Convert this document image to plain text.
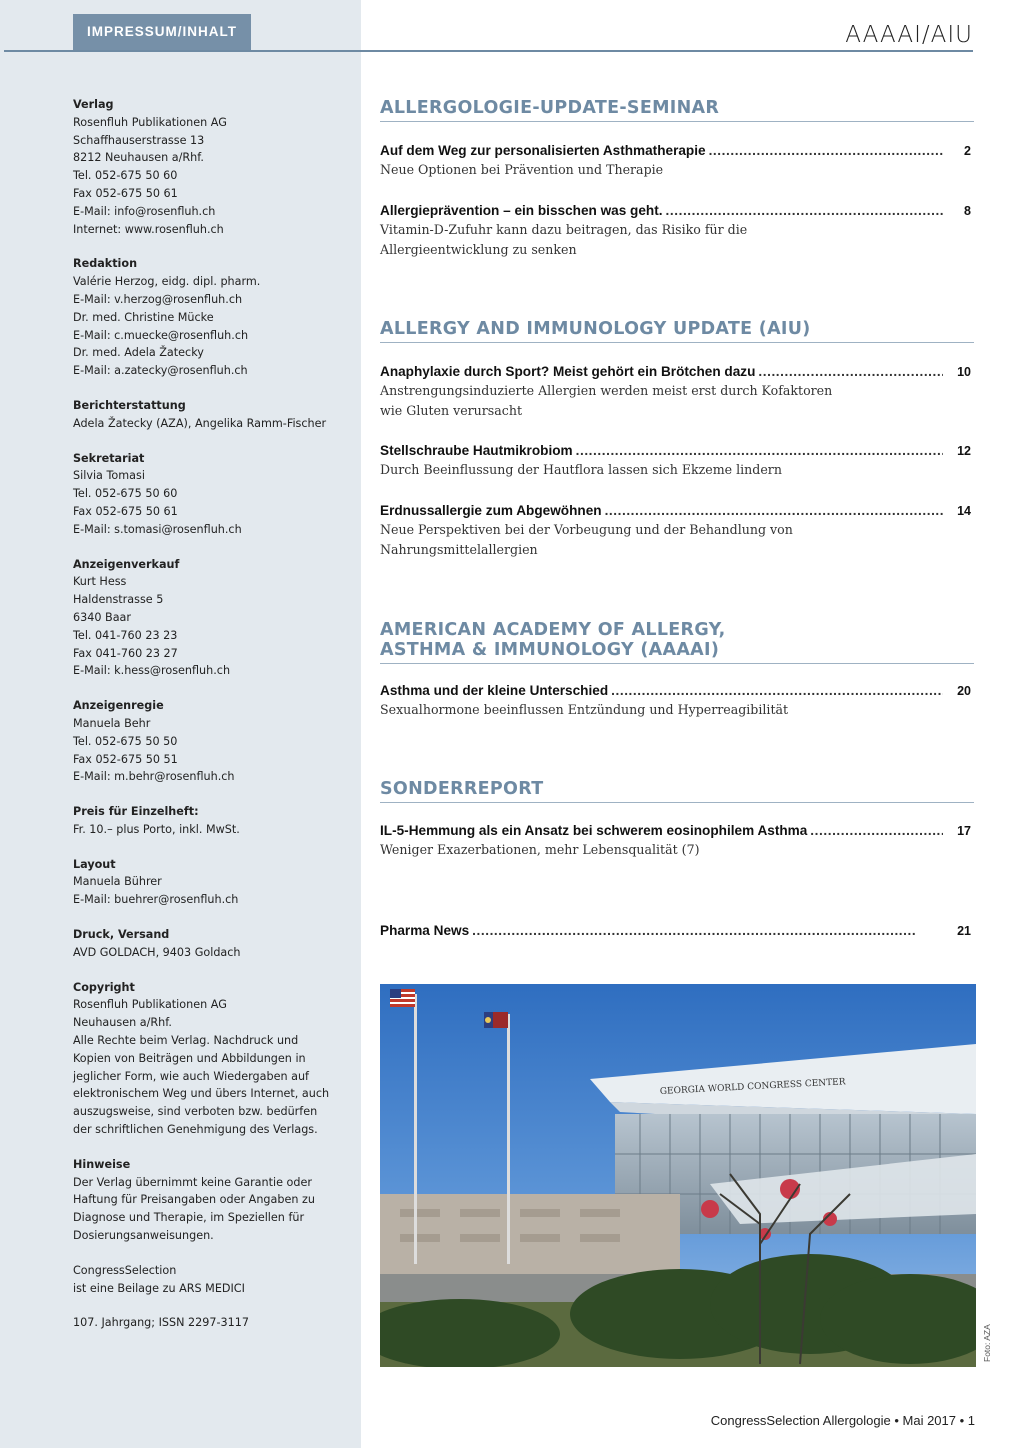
IMPRESSUM/INHALT	AAAAI/AIU
Verlag
Rosenfluh Publikationen AG
Schaffhauserstrasse 13
8212 Neuhausen a/Rhf.
Tel. 052-675 50 60
Fax 052-675 50 61
E-Mail: info@rosenfluh.ch
Internet: www.rosenfluh.ch
Redaktion
Valérie Herzog, eidg. dipl. pharm.
E-Mail: v.herzog@rosenfluh.ch
Dr. med. Christine Mücke
E-Mail: c.muecke@rosenfluh.ch
Dr. med. Adela Žatecky
E-Mail: a.zatecky@rosenfluh.ch
Berichterstattung
Adela Žatecky (AZA), Angelika Ramm-Fischer
Sekretariat
Silvia Tomasi
Tel. 052-675 50 60
Fax 052-675 50 61
E-Mail: s.tomasi@rosenfluh.ch
Anzeigenverkauf
Kurt Hess
Haldenstrasse 5
6340 Baar
Tel. 041-760 23 23
Fax 041-760 23 27
E-Mail: k.hess@rosenfluh.ch
Anzeigenregie
Manuela Behr
Tel. 052-675 50 50
Fax 052-675 50 51
E-Mail: m.behr@rosenfluh.ch
Preis für Einzelheft:
Fr. 10.– plus Porto, inkl. MwSt.
Layout
Manuela Bührer
E-Mail: buehrer@rosenfluh.ch
Druck, Versand
AVD GOLDACH, 9403 Goldach
Copyright
Rosenfluh Publikationen AG
Neuhausen a/Rhf.
Alle Rechte beim Verlag. Nachdruck und
Kopien von Beiträgen und Abbildungen in
jeglicher Form, wie auch Wiedergaben auf
elektronischem Weg und übers Internet, auch
auszugsweise, sind verboten bzw. bedürfen
der schriftlichen Genehmigung des Verlags.
Hinweise
Der Verlag übernimmt keine Garantie oder
Haftung für Preisangaben oder Angaben zu
Diagnose und Therapie, im Speziellen für
Dosierungsanweisungen.
CongressSelection
ist eine Beilage zu ARS MEDICI
107. Jahrgang; ISSN 2297-3117
ALLERGOLOGIE-UPDATE-SEMINAR
Auf dem Weg zur personalisierten Asthmatherapie . . .	2
Neue Optionen bei Prävention und Therapie
Allergieprävention – ein bisschen was geht. . . .	8
Vitamin-D-Zufuhr kann dazu beitragen, das Risiko für die Allergieentwicklung zu senken
ALLERGY AND IMMUNOLOGY UPDATE (AIU)
Anaphylaxie durch Sport? Meist gehört ein Brötchen dazu . . .	10
Anstrengungsinduzierte Allergien werden meist erst durch Kofaktoren wie Gluten verursacht
Stellschraube Hautmikrobiom . . .	12
Durch Beeinflussung der Hautflora lassen sich Ekzeme lindern
Erdnussallergie zum Abgewöhnen . . .	14
Neue Perspektiven bei der Vorbeugung und der Behandlung von Nahrungsmittelallergien
AMERICAN ACADEMY OF ALLERGY, ASTHMA & IMMUNOLOGY (AAAAI)
Asthma und der kleine Unterschied . . .	20
Sexualhormone beeinflussen Entzündung und Hyperreagibilität
SONDERREPORT
IL-5-Hemmung als ein Ansatz bei schwerem eosinophilem Asthma . . .	17
Weniger Exazerbationen, mehr Lebensqualität (7)
Pharma News . . .	21
GEORGIA WORLD CONGRESS CENTER
Foto: AZA
CongressSelection Allergologie • Mai 2017 • 1
